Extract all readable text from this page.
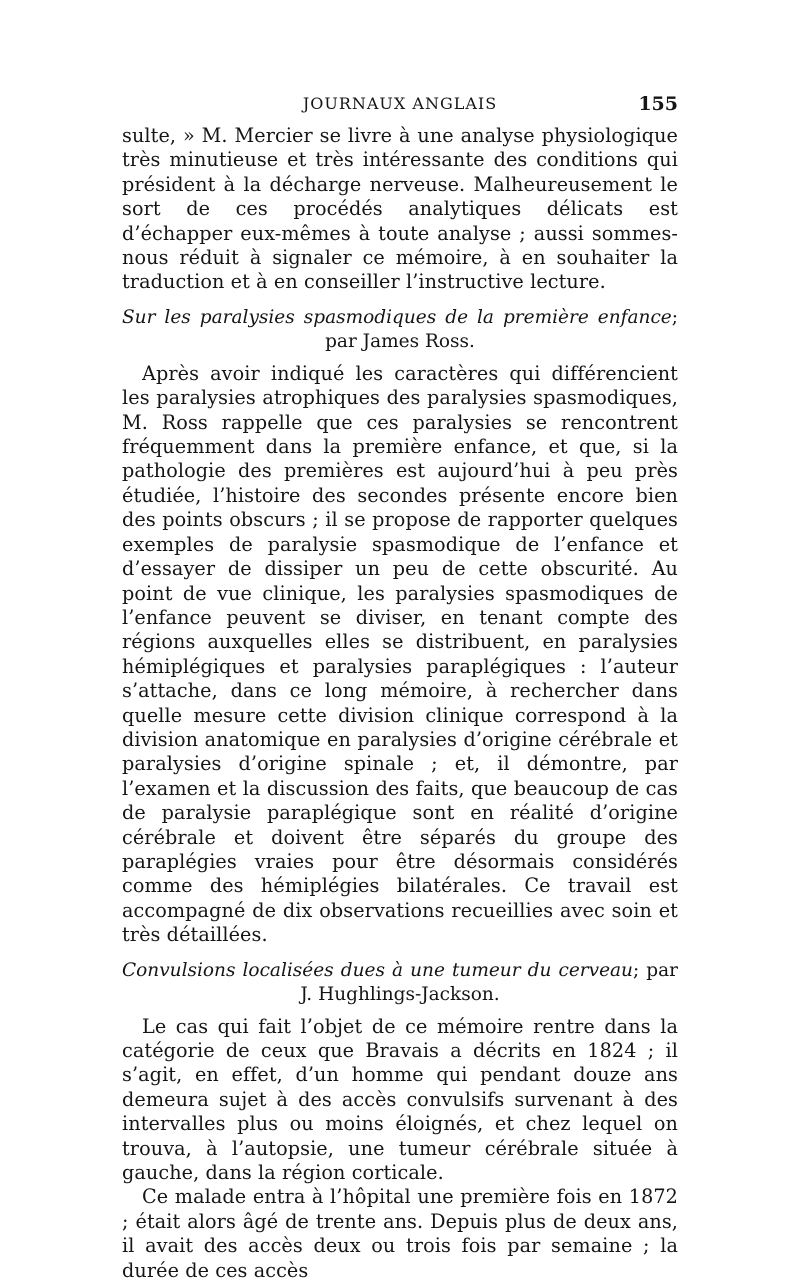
JOURNAUX ANGLAIS	155

sulte, » M. Mercier se livre à une analyse physiologique très minutieuse et très intéressante des conditions qui président à la décharge nerveuse. Malheureusement le sort de ces procédés analytiques délicats est d’échapper eux-mêmes à toute analyse ; aussi sommes-nous réduit à signaler ce mémoire, à en souhaiter la traduction et à en conseiller l’instructive lecture.

Sur les paralysies spasmodiques de la première enfance; par James Ross.

Après avoir indiqué les caractères qui différencient les paralysies atrophiques des paralysies spasmodiques, M. Ross rappelle que ces paralysies se rencontrent fréquemment dans la première enfance, et que, si la pathologie des premières est aujourd’hui à peu près étudiée, l’histoire des secondes présente encore bien des points obscurs ; il se propose de rapporter quelques exemples de paralysie spasmodique de l’enfance et d’essayer de dissiper un peu de cette obscurité. Au point de vue clinique, les paralysies spasmodiques de l’enfance peuvent se diviser, en tenant compte des régions auxquelles elles se distribuent, en paralysies hémiplégiques et paralysies paraplégiques : l’auteur s’attache, dans ce long mémoire, à rechercher dans quelle mesure cette division clinique correspond à la division anatomique en paralysies d’origine cérébrale et paralysies d’origine spinale ; et, il démontre, par l’examen et la discussion des faits, que beaucoup de cas de paralysie paraplégique sont en réalité d’origine cérébrale et doivent être séparés du groupe des paraplégies vraies pour être désormais considérés comme des hémiplégies bilatérales. Ce travail est accompagné de dix observations recueillies avec soin et très détaillées.

Convulsions localisées dues à une tumeur du cerveau; par J. Hughlings-Jackson.

Le cas qui fait l’objet de ce mémoire rentre dans la catégorie de ceux que Bravais a décrits en 1824 ; il s’agit, en effet, d’un homme qui pendant douze ans demeura sujet à des accès convulsifs survenant à des intervalles plus ou moins éloignés, et chez lequel on trouva, à l’autopsie, une tumeur cérébrale située à gauche, dans la région corticale.

Ce malade entra à l’hôpital une première fois en 1872 ; était alors âgé de trente ans. Depuis plus de deux ans, il avait des accès deux ou trois fois par semaine ; la durée de ces accès
